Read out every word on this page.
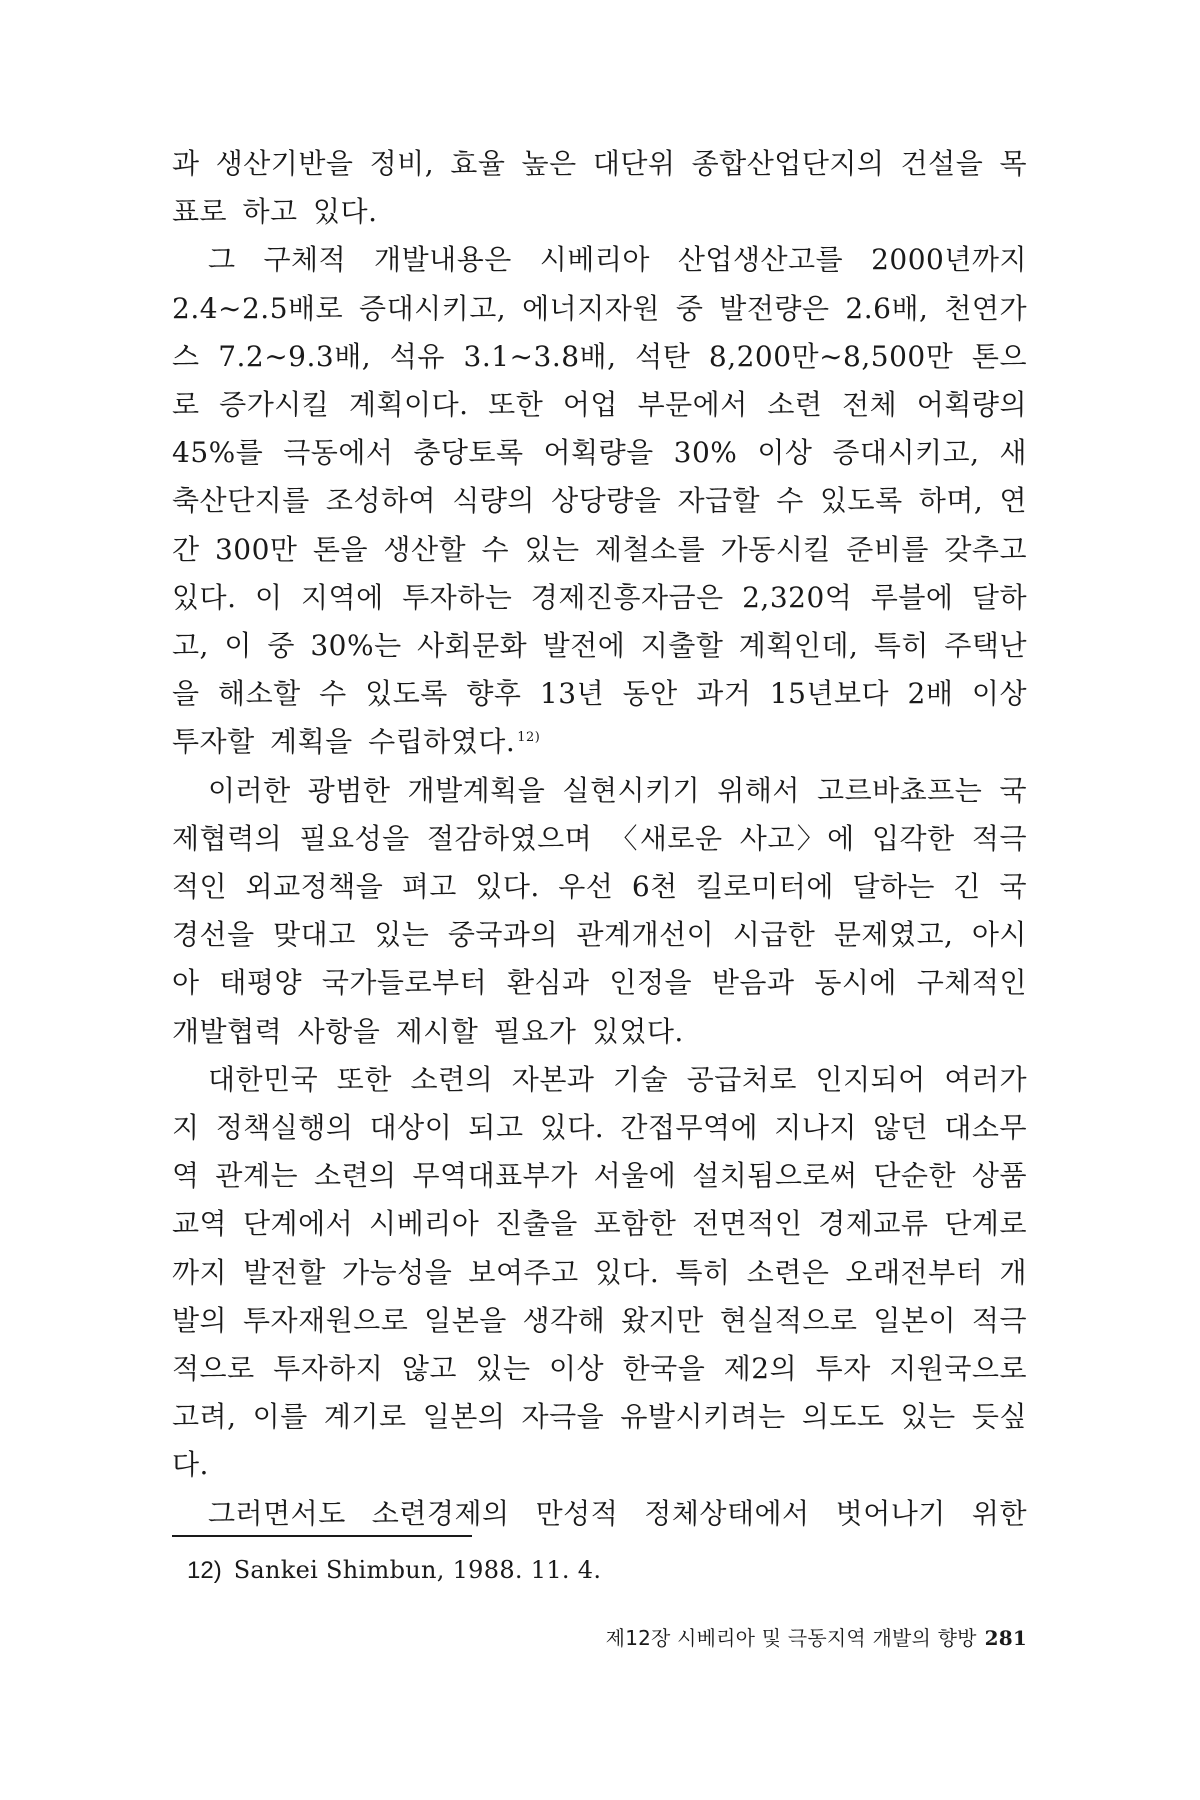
과 생산기반을 정비, 효율 높은 대단위 종합산업단지의 건설을 목표로 하고 있다.

그 구체적 개발내용은 시베리아 산업생산고를 2000년까지 2.4∼2.5배로 증대시키고, 에너지자원 중 발전량은 2.6배, 천연가스 7.2∼9.3배, 석유 3.1∼3.8배, 석탄 8,200만∼8,500만 톤으로 증가시킬 계획이다. 또한 어업 부문에서 소련 전체 어획량의 45%를 극동에서 충당토록 어획량을 30% 이상 증대시키고, 새 축산단지를 조성하여 식량의 상당량을 자급할 수 있도록 하며, 연간 300만 톤을 생산할 수 있는 제철소를 가동시킬 준비를 갖추고 있다. 이 지역에 투자하는 경제진흥자금은 2,320억 루블에 달하고, 이 중 30%는 사회문화 발전에 지출할 계획인데, 특히 주택난을 해소할 수 있도록 향후 13년 동안 과거 15년보다 2배 이상 투자할 계획을 수립하였다. $^{12)}$

이러한 광범한 개발계획을 실현시키기 위해서 고르바쵸프는 국제협력의 필요성을 절감하였으며 〈새로운 사고〉에 입각한 적극적인 외교정책을 펴고 있다. 우선 6천 킬로미터에 달하는 긴 국경선을 맞대고 있는 중국과의 관계개선이 시급한 문제였고, 아시아 태평양 국가들로부터 환심과 인정을 받음과 동시에 구체적인 개발협력 사항을 제시할 필요가 있었다.

대한민국 또한 소련의 자본과 기술 공급처로 인지되어 여러가지 정책실행의 대상이 되고 있다. 간접무역에 지나지 않던 대소무역 관계는 소련의 무역대표부가 서울에 설치됨으로써 단순한 상품교역 단계에서 시베리아 진출을 포함한 전면적인 경제교류 단계로까지 발전할 가능성을 보여주고 있다. 특히 소련은 오래전부터 개발의 투자재원으로 일본을 생각해 왔지만 현실적으로 일본이 적극적으로 투자하지 않고 있는 이상 한국을 제2의 투자 지원국으로 고려, 이를 계기로 일본의 자극을 유발시키려는 의도도 있는 듯싶다.

그러면서도 소련경제의 만성적 정체상태에서 벗어나기 위한

12) Sankei Shimbun, 1988. 11. 4.
제12장 시베리아 및 극동지역 개발의 향방 281
